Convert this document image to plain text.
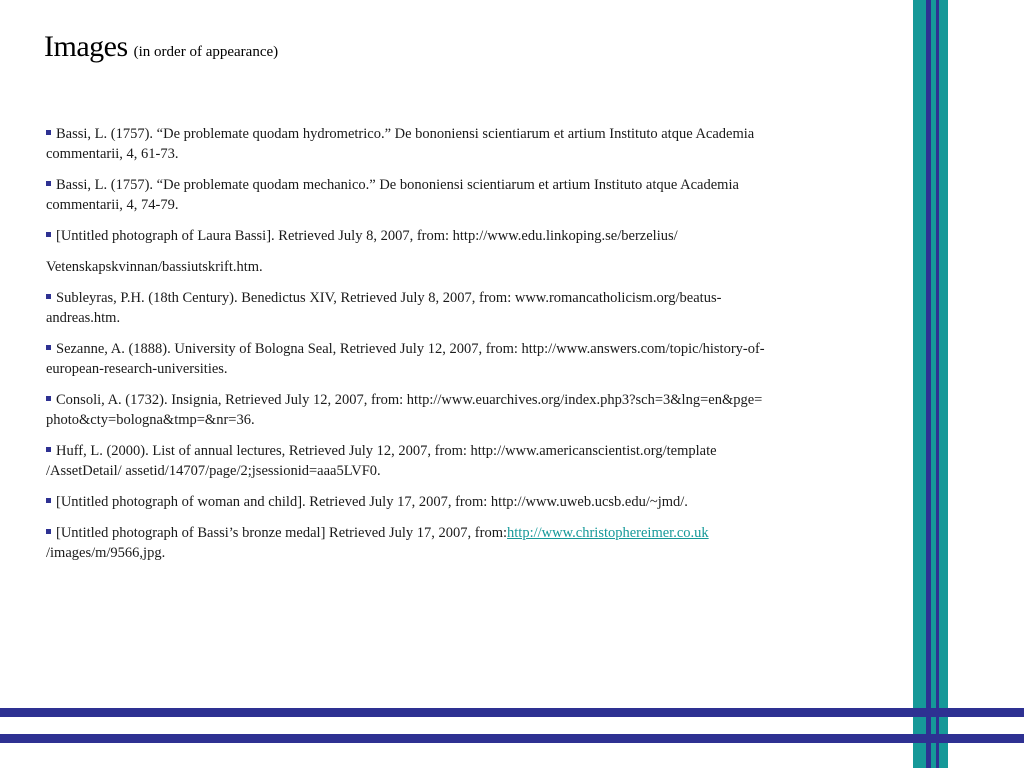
Images (in order of appearance)
Bassi, L. (1757). “De problemate quodam hydrometrico.” De bononiensi scientiarum et artium Instituto atque Academia
commentarii, 4, 61-73.
Bassi, L. (1757). “De problemate quodam mechanico.” De bononiensi scientiarum et artium Instituto atque Academia
commentarii, 4, 74-79.
[Untitled photograph of Laura Bassi]. Retrieved July 8, 2007, from: http://www.edu.linkoping.se/berzelius/
Vetenskapskvinnan/bassiutskrift.htm.
Subleyras, P.H. (18th Century). Benedictus XIV, Retrieved July 8, 2007, from: www.romancatholicism.org/beatus-
andreas.htm.
Sezanne, A. (1888). University of Bologna Seal, Retrieved July 12, 2007, from: http://www.answers.com/topic/history-of-
european-research-universities.
Consoli, A. (1732). Insignia, Retrieved July 12, 2007, from: http://www.euarchives.org/index.php3?sch=3&lng=en&pge=
photo&cty=bologna&tmp=&nr=36.
Huff, L. (2000). List of annual lectures, Retrieved July 12, 2007, from: http://www.americanscientist.org/template
/AssetDetail/ assetid/14707/page/2;jsessionid=aaa5LVF0.
[Untitled photograph of woman and child]. Retrieved July 17, 2007, from: http://www.uweb.ucsb.edu/~jmd/.
[Untitled photograph of Bassi’s bronze medal] Retrieved July 17, 2007, from:http://www.christophereimer.co.uk
/images/m/9566,jpg.
